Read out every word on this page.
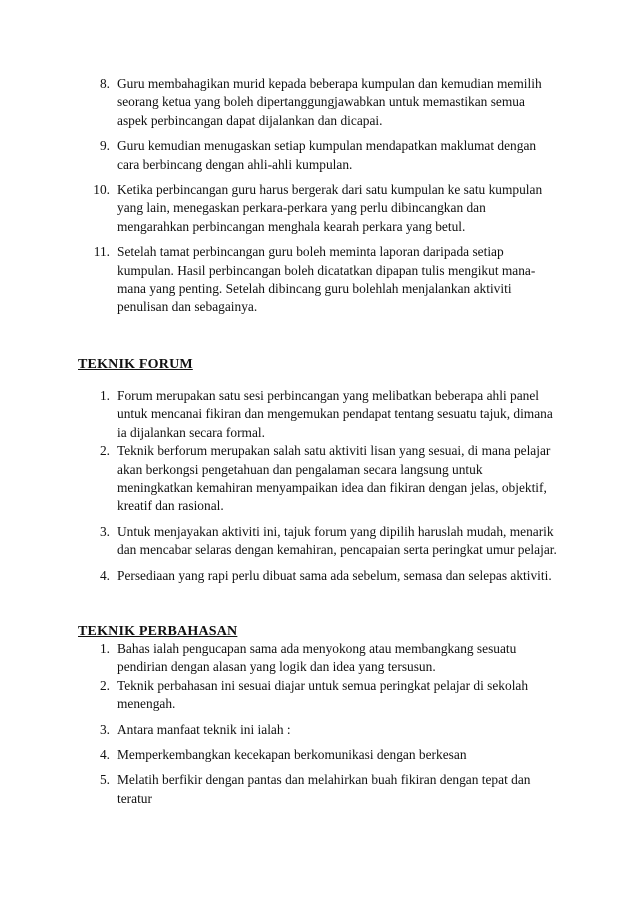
8. Guru membahagikan murid kepada beberapa kumpulan dan kemudian memilih seorang ketua yang boleh dipertanggungjawabkan untuk memastikan semua aspek perbincangan dapat dijalankan dan dicapai.
9. Guru kemudian menugaskan setiap kumpulan mendapatkan maklumat dengan cara berbincang dengan ahli-ahli kumpulan.
10. Ketika perbincangan guru harus bergerak dari satu kumpulan ke satu kumpulan yang lain, menegaskan perkara-perkara yang perlu dibincangkan dan mengarahkan perbincangan menghala kearah perkara yang betul.
11. Setelah tamat perbincangan guru boleh meminta laporan daripada setiap kumpulan. Hasil perbincangan boleh dicatatkan dipapan tulis mengikut mana-mana yang penting. Setelah dibincang guru bolehlah menjalankan aktiviti penulisan dan sebagainya.
TEKNIK FORUM
1. Forum merupakan satu sesi perbincangan yang melibatkan beberapa ahli panel untuk mencanai fikiran dan mengemukan pendapat tentang sesuatu tajuk, dimana ia dijalankan secara formal.
2. Teknik berforum merupakan salah satu aktiviti lisan yang sesuai, di mana pelajar akan berkongsi pengetahuan dan pengalaman secara langsung untuk meningkatkan kemahiran menyampaikan idea dan fikiran dengan jelas, objektif, kreatif dan rasional.
3. Untuk menjayakan aktiviti ini, tajuk forum yang dipilih haruslah mudah, menarik dan mencabar selaras dengan kemahiran, pencapaian serta peringkat umur pelajar.
4. Persediaan yang rapi perlu dibuat sama ada sebelum, semasa dan selepas aktiviti.
TEKNIK PERBAHASAN
1. Bahas ialah pengucapan sama ada menyokong atau membangkang sesuatu pendirian dengan alasan yang logik dan idea yang tersusun.
2. Teknik perbahasan ini sesuai diajar untuk semua peringkat pelajar di sekolah menengah.
3. Antara manfaat teknik ini ialah :
4. Memperkembangkan kecekapan berkomunikasi dengan berkesan
5. Melatih berfikir dengan pantas dan melahirkan buah fikiran dengan tepat dan teratur
